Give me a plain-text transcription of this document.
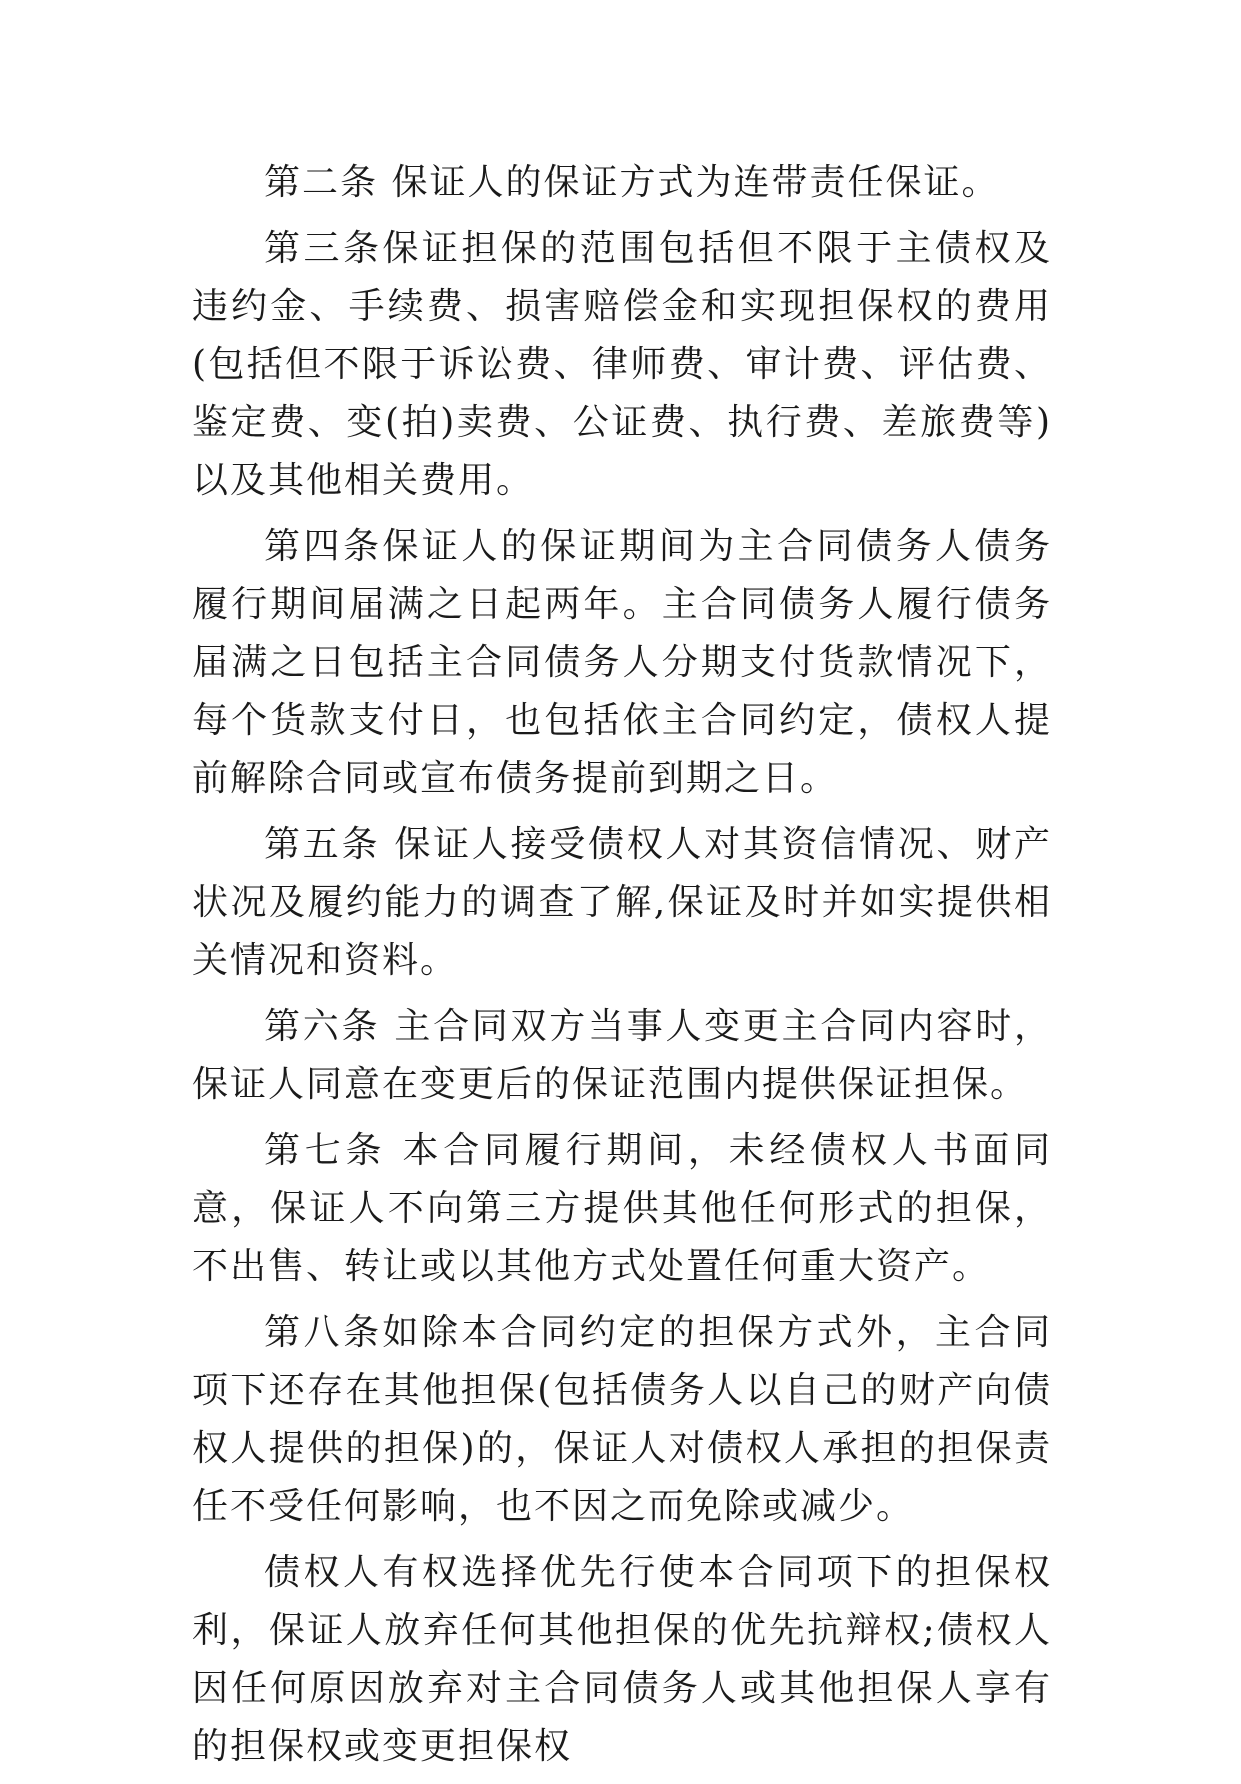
第二条 保证人的保证方式为连带责任保证。

第三条保证担保的范围包括但不限于主债权及违约金、手续费、损害赔偿金和实现担保权的费用(包括但不限于诉讼费、律师费、审计费、评估费、鉴定费、变(拍)卖费、公证费、执行费、差旅费等)以及其他相关费用。

第四条保证人的保证期间为主合同债务人债务履行期间届满之日起两年。主合同债务人履行债务届满之日包括主合同债务人分期支付货款情况下，每个货款支付日，也包括依主合同约定，债权人提前解除合同或宣布债务提前到期之日。

第五条 保证人接受债权人对其资信情况、财产状况及履约能力的调查了解,保证及时并如实提供相关情况和资料。

第六条 主合同双方当事人变更主合同内容时，保证人同意在变更后的保证范围内提供保证担保。

第七条 本合同履行期间，未经债权人书面同意，保证人不向第三方提供其他任何形式的担保，不出售、转让或以其他方式处置任何重大资产。

第八条如除本合同约定的担保方式外，主合同项下还存在其他担保(包括债务人以自己的财产向债权人提供的担保)的，保证人对债权人承担的担保责任不受任何影响，也不因之而免除或减少。

债权人有权选择优先行使本合同项下的担保权利，保证人放弃任何其他担保的优先抗辩权;债权人因任何原因放弃对主合同债务人或其他担保人享有的担保权或变更担保权
